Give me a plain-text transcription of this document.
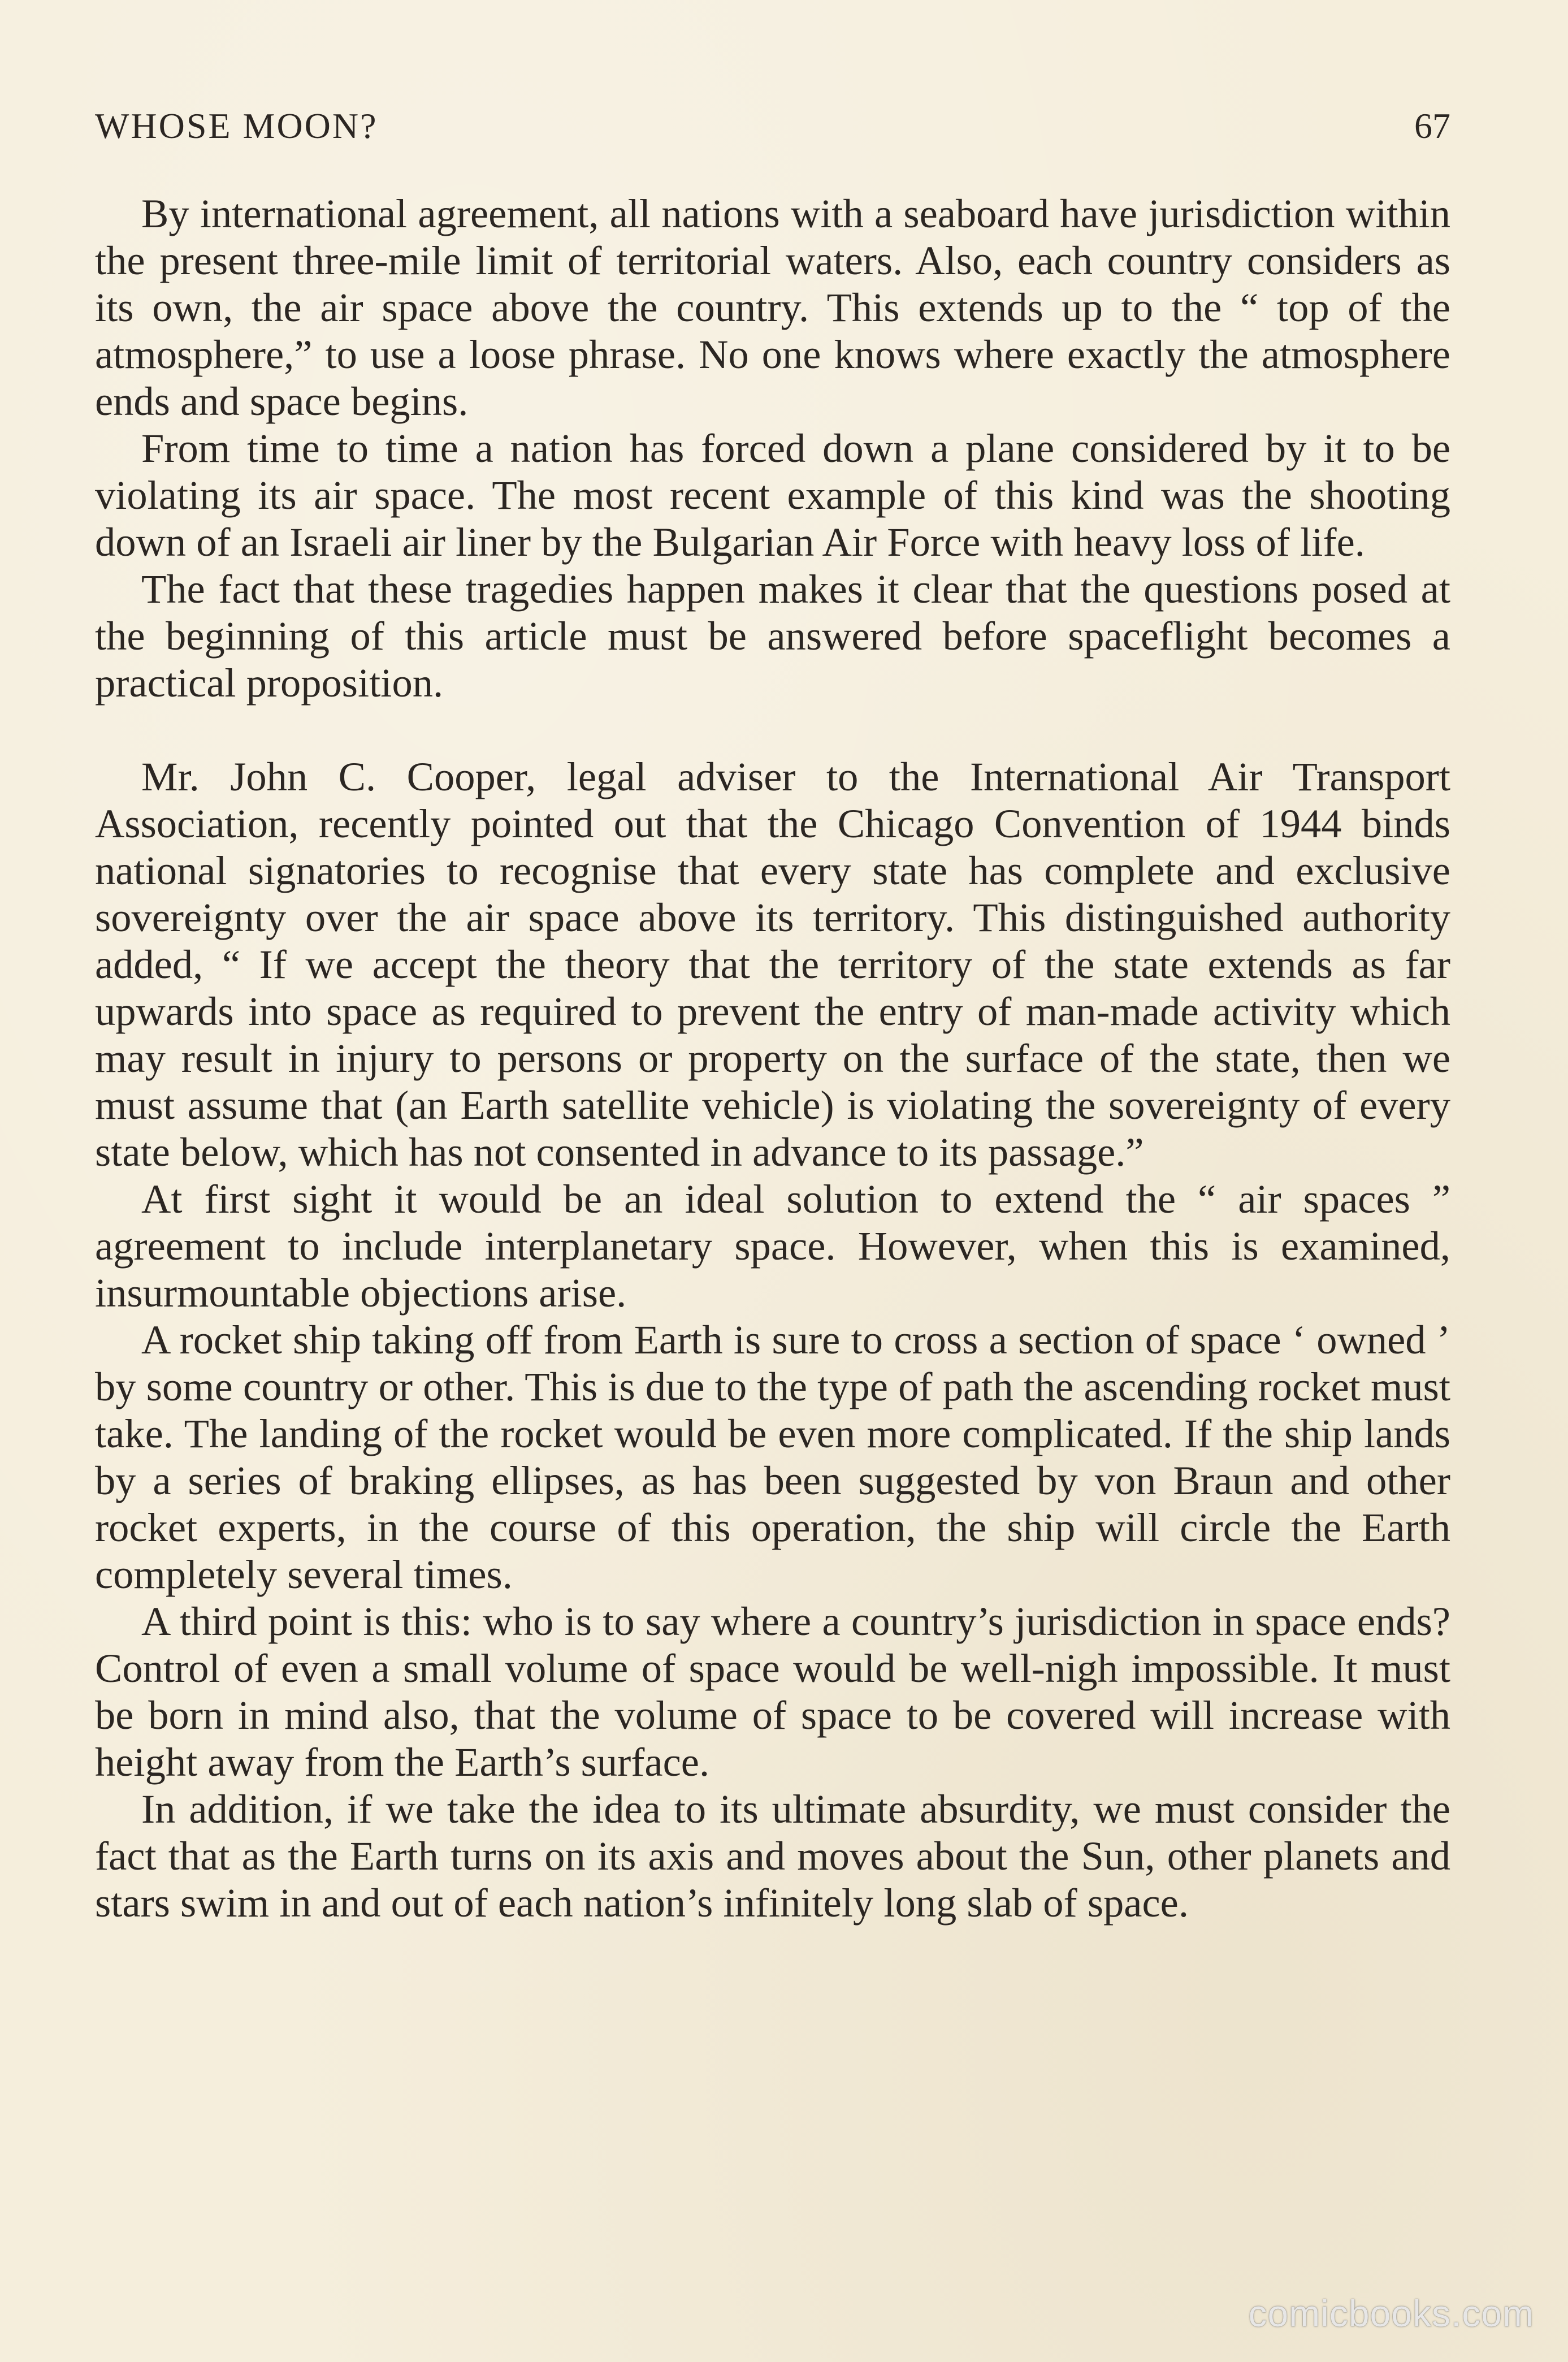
WHOSE MOON?	67

By international agreement, all nations with a seaboard have jurisdiction within the present three-mile limit of territorial waters. Also, each country considers as its own, the air space above the country. This extends up to the “ top of the atmosphere,” to use a loose phrase. No one knows where exactly the atmosphere ends and space begins.

From time to time a nation has forced down a plane considered by it to be violating its air space. The most recent example of this kind was the shooting down of an Israeli air liner by the Bulgarian Air Force with heavy loss of life.

The fact that these tragedies happen makes it clear that the questions posed at the beginning of this article must be answered before spaceflight becomes a practical proposition.

Mr. John C. Cooper, legal adviser to the International Air Transport Association, recently pointed out that the Chicago Convention of 1944 binds national signatories to recognise that every state has complete and exclusive sovereignty over the air space above its territory. This distinguished authority added, “ If we accept the theory that the territory of the state extends as far upwards into space as required to prevent the entry of man-made activity which may result in injury to persons or property on the surface of the state, then we must assume that (an Earth satellite vehicle) is violating the sovereignty of every state below, which has not consented in advance to its passage.”

At first sight it would be an ideal solution to extend the “ air spaces ” agreement to include interplanetary space. However, when this is examined, insurmountable objections arise.

A rocket ship taking off from Earth is sure to cross a section of space ‘ owned ’ by some country or other. This is due to the type of path the ascending rocket must take. The landing of the rocket would be even more complicated. If the ship lands by a series of braking ellipses, as has been suggested by von Braun and other rocket experts, in the course of this operation, the ship will circle the Earth completely several times.

A third point is this: who is to say where a country’s jurisdiction in space ends? Control of even a small volume of space would be well-nigh impossible. It must be born in mind also, that the volume of space to be covered will increase with height away from the Earth’s surface.

In addition, if we take the idea to its ultimate absurdity, we must consider the fact that as the Earth turns on its axis and moves about the Sun, other planets and stars swim in and out of each nation’s infinitely long slab of space.

comicbooks.com
